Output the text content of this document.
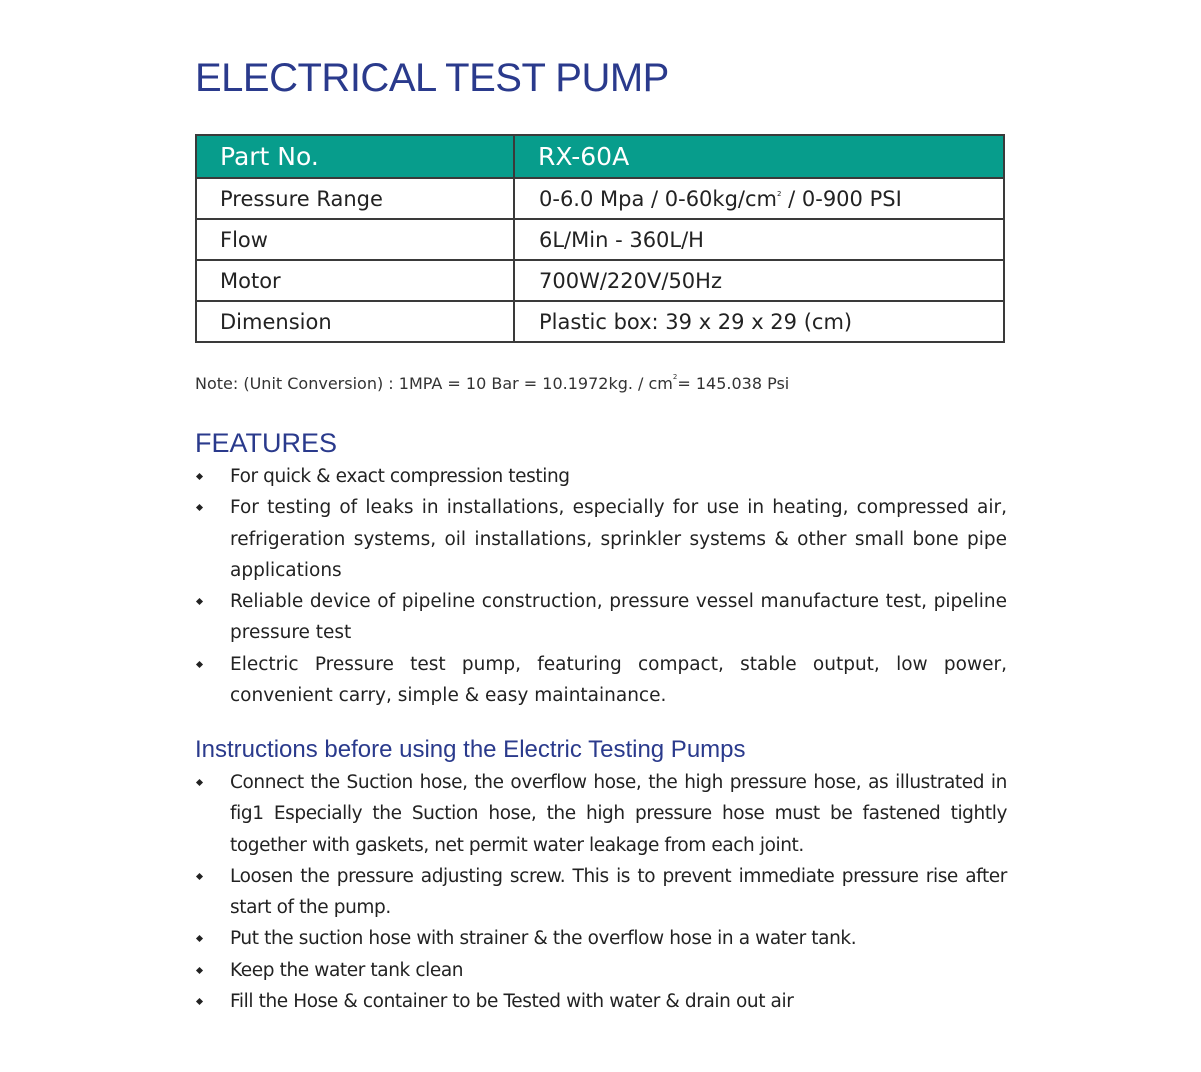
ELECTRICAL TEST PUMP
Part No.	RX-60A
Pressure Range	0-6.0 Mpa / $0-60kg/cm^2 / 0-900$ PSI
Flow	6L/Min - 360L/H
Motor	700W/220V/50Hz
Dimension	Plastic box: 39 x 29 x 29 (cm)
Note: (Unit Conversion) : 1MPA = 10 Bar = 10.1972kg. / $cm^2= 145.038$ Psi
FEATURES
For quick & exact compression testing
For testing of leaks in installations, especially for use in heating, compressed air, refrigeration systems, oil installations, sprinkler systems & other small bone pipe applications
Reliable device of pipeline construction, pressure vessel manufacture test, pipeline pressure test
Electric Pressure test pump, featuring compact, stable output, low power, convenient carry, simple & easy maintainance.
Instructions before using the Electric Testing Pumps
Connect the Suction hose, the overflow hose, the high pressure hose, as illustrated in fig1 Especially the Suction hose, the high pressure hose must be fastened tightly together with gaskets, net permit water leakage from each joint.
Loosen the pressure adjusting screw. This is to prevent immediate pressure rise after start of the pump.
Put the suction hose with strainer & the overflow hose in a water tank.
Keep the water tank clean
Fill the Hose & container to be Tested with water & drain out air
